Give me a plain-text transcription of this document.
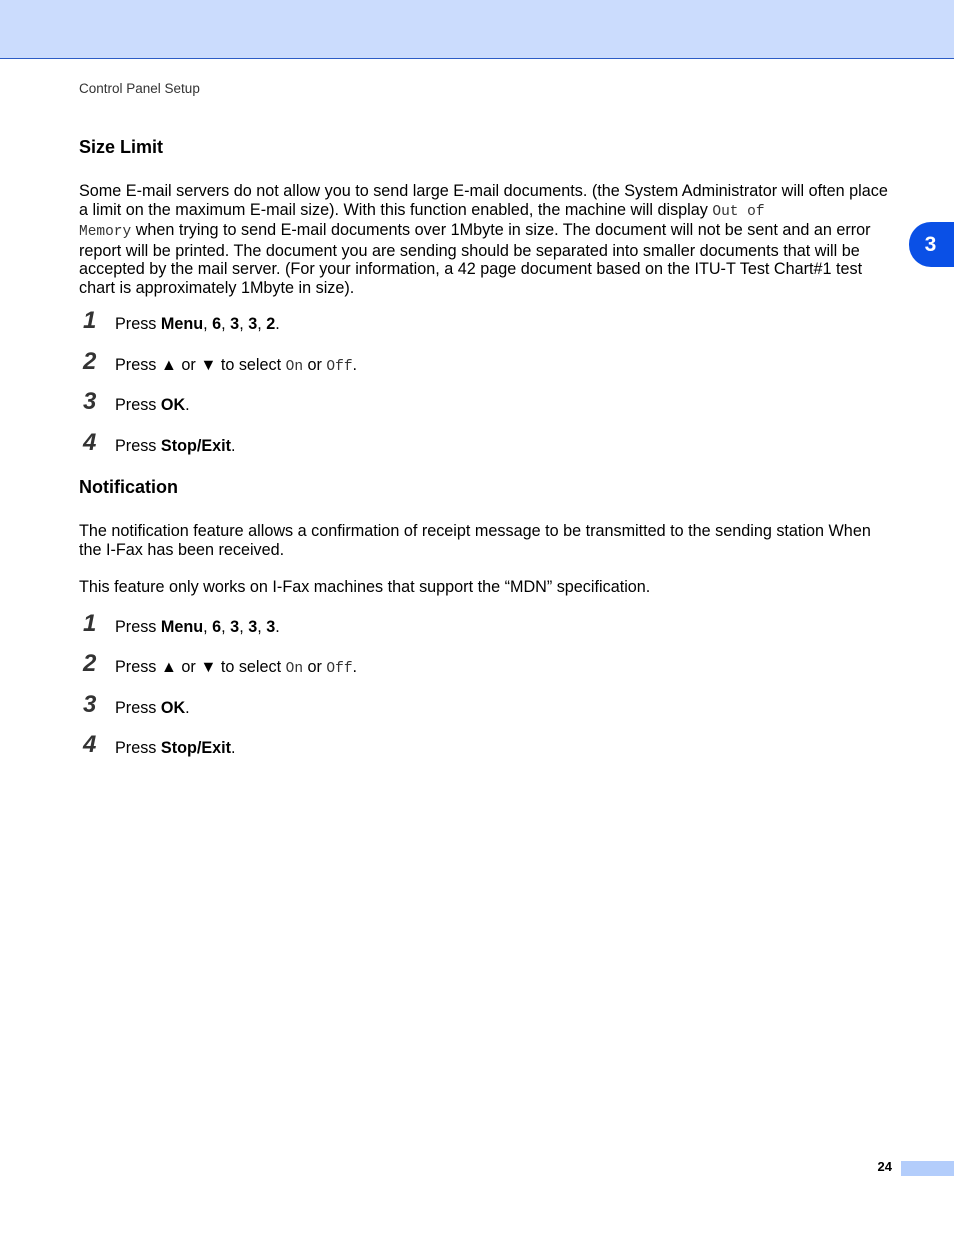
Control Panel Setup
3
Size Limit

Some E-mail servers do not allow you to send large E-mail documents. (the System Administrator will often place a limit on the maximum E-mail size). With this function enabled, the machine will display Out of
Memory when trying to send E-mail documents over 1Mbyte in size. The document will not be sent and an error report will be printed. The document you are sending should be separated into smaller documents that will be accepted by the mail server. (For your information, a 42 page document based on the ITU-T Test Chart#1 test chart is approximately 1Mbyte in size).

1 Press Menu, 6, 3, 3, 2.
2 Press ▲ or ▼ to select On or Off.
3 Press OK.
4 Press Stop/Exit.
Notification

The notification feature allows a confirmation of receipt message to be transmitted to the sending station When the I-Fax has been received.

This feature only works on I-Fax machines that support the “MDN” specification.

1 Press Menu, 6, 3, 3, 3.
2 Press ▲ or ▼ to select On or Off.
3 Press OK.
4 Press Stop/Exit.
24
